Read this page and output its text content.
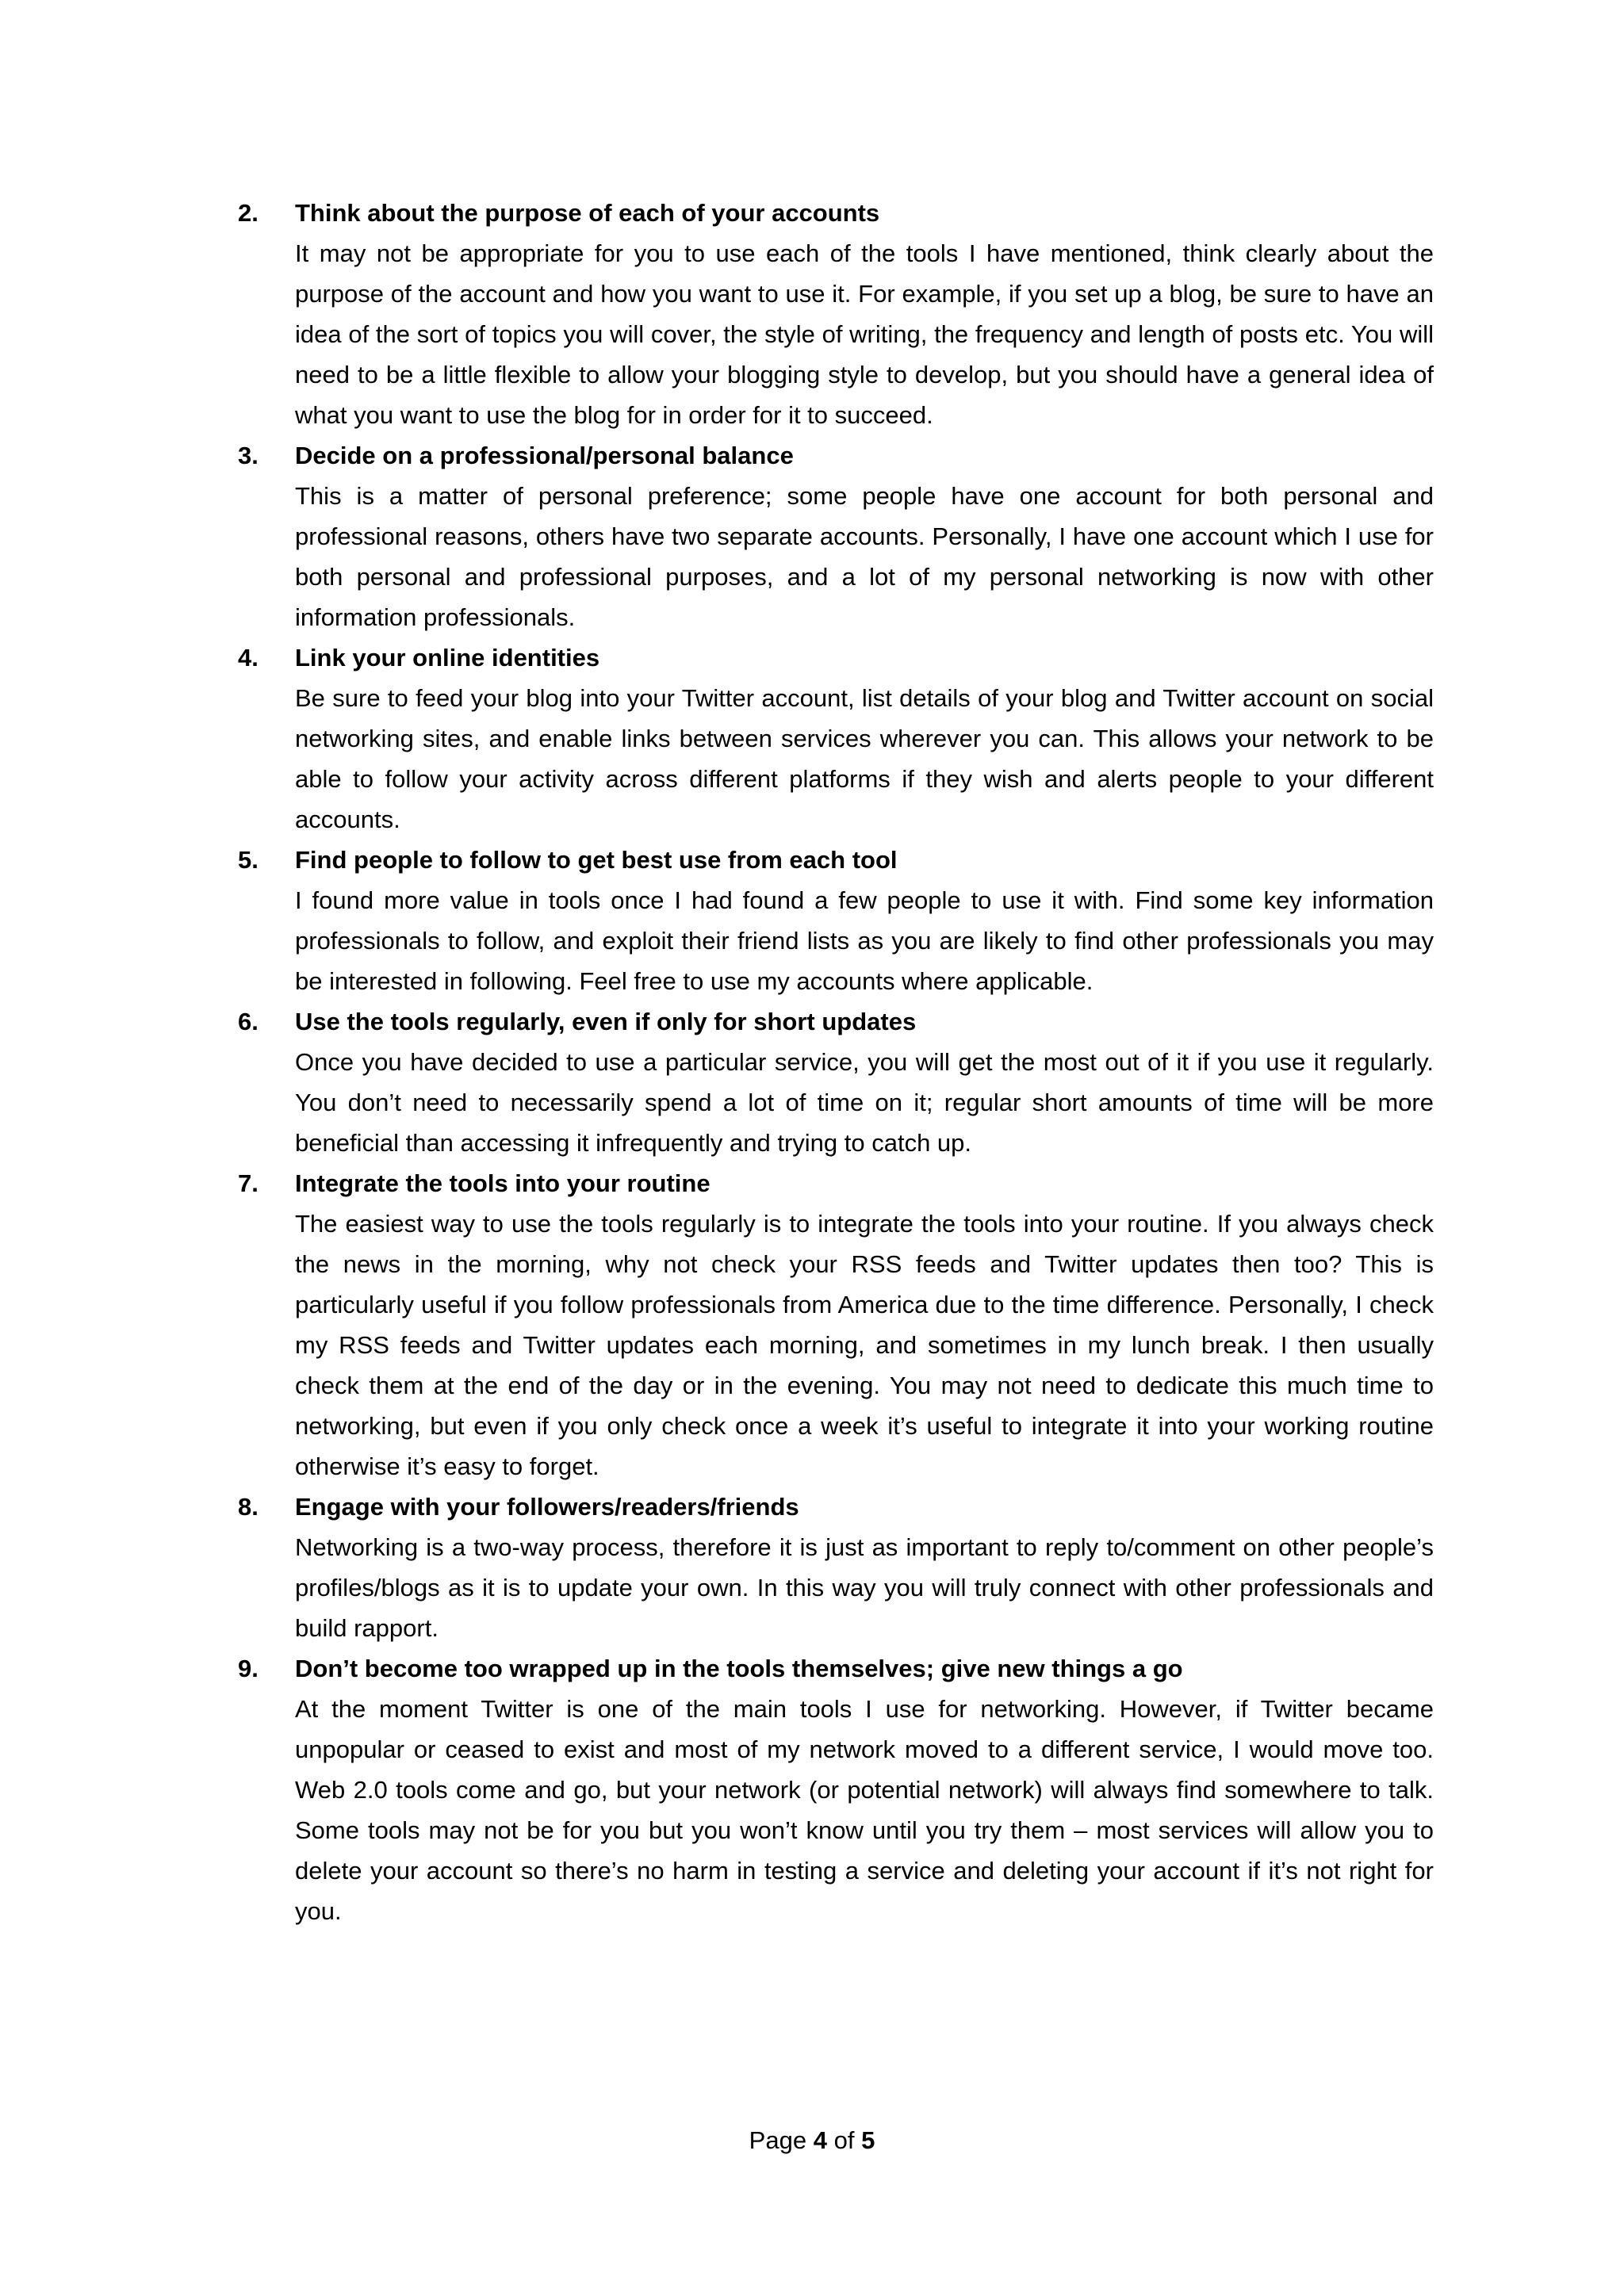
2. Think about the purpose of each of your accounts

It may not be appropriate for you to use each of the tools I have mentioned, think clearly about the purpose of the account and how you want to use it. For example, if you set up a blog, be sure to have an idea of the sort of topics you will cover, the style of writing, the frequency and length of posts etc. You will need to be a little flexible to allow your blogging style to develop, but you should have a general idea of what you want to use the blog for in order for it to succeed.

3. Decide on a professional/personal balance

This is a matter of personal preference; some people have one account for both personal and professional reasons, others have two separate accounts. Personally, I have one account which I use for both personal and professional purposes, and a lot of my personal networking is now with other information professionals.

4. Link your online identities

Be sure to feed your blog into your Twitter account, list details of your blog and Twitter account on social networking sites, and enable links between services wherever you can. This allows your network to be able to follow your activity across different platforms if they wish and alerts people to your different accounts.

5. Find people to follow to get best use from each tool

I found more value in tools once I had found a few people to use it with. Find some key information professionals to follow, and exploit their friend lists as you are likely to find other professionals you may be interested in following. Feel free to use my accounts where applicable.

6. Use the tools regularly, even if only for short updates

Once you have decided to use a particular service, you will get the most out of it if you use it regularly. You don’t need to necessarily spend a lot of time on it; regular short amounts of time will be more beneficial than accessing it infrequently and trying to catch up.

7. Integrate the tools into your routine

The easiest way to use the tools regularly is to integrate the tools into your routine. If you always check the news in the morning, why not check your RSS feeds and Twitter updates then too? This is particularly useful if you follow professionals from America due to the time difference. Personally, I check my RSS feeds and Twitter updates each morning, and sometimes in my lunch break. I then usually check them at the end of the day or in the evening. You may not need to dedicate this much time to networking, but even if you only check once a week it’s useful to integrate it into your working routine otherwise it’s easy to forget.

8. Engage with your followers/readers/friends

Networking is a two-way process, therefore it is just as important to reply to/comment on other people’s profiles/blogs as it is to update your own. In this way you will truly connect with other professionals and build rapport.

9. Don’t become too wrapped up in the tools themselves; give new things a go

At the moment Twitter is one of the main tools I use for networking. However, if Twitter became unpopular or ceased to exist and most of my network moved to a different service, I would move too. Web 2.0 tools come and go, but your network (or potential network) will always find somewhere to talk. Some tools may not be for you but you won’t know until you try them – most services will allow you to delete your account so there’s no harm in testing a service and deleting your account if it’s not right for you.

Page 4 of 5
